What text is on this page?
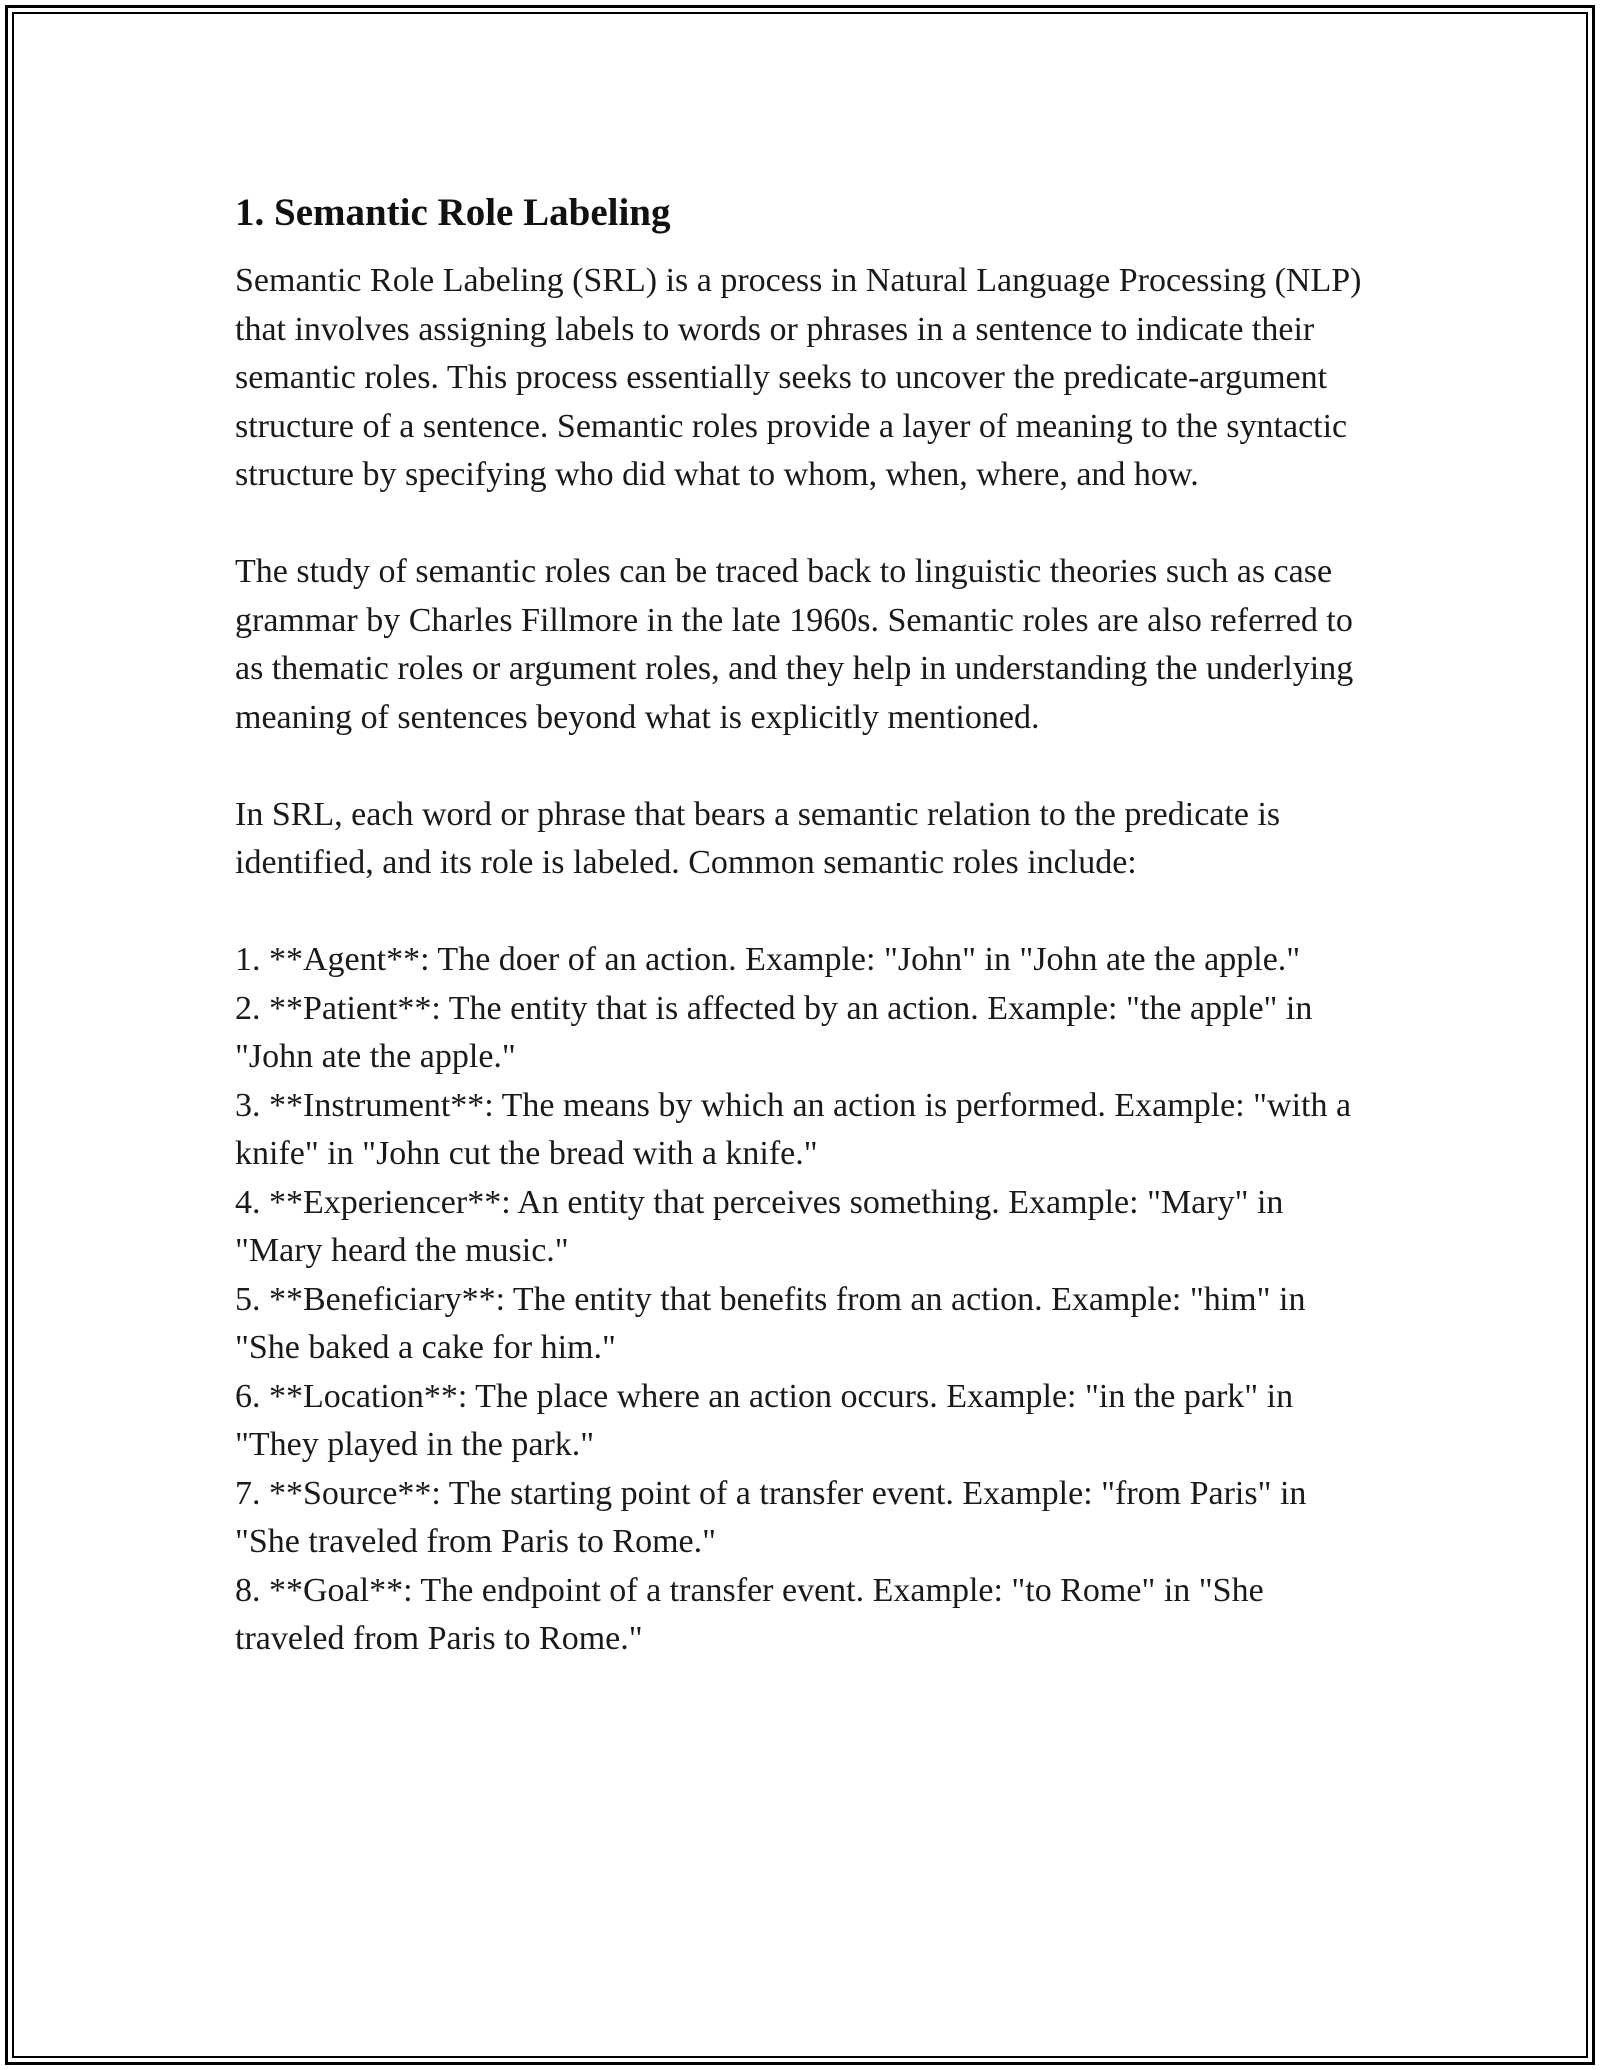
1. Semantic Role Labeling

Semantic Role Labeling (SRL) is a process in Natural Language Processing (NLP) that involves assigning labels to words or phrases in a sentence to indicate their semantic roles. This process essentially seeks to uncover the predicate-argument structure of a sentence. Semantic roles provide a layer of meaning to the syntactic structure by specifying who did what to whom, when, where, and how.

The study of semantic roles can be traced back to linguistic theories such as case grammar by Charles Fillmore in the late 1960s. Semantic roles are also referred to as thematic roles or argument roles, and they help in understanding the underlying meaning of sentences beyond what is explicitly mentioned.

In SRL, each word or phrase that bears a semantic relation to the predicate is identified, and its role is labeled. Common semantic roles include:

1. **Agent**: The doer of an action. Example: "John" in "John ate the apple."
2. **Patient**: The entity that is affected by an action. Example: "the apple" in "John ate the apple."
3. **Instrument**: The means by which an action is performed. Example: "with a knife" in "John cut the bread with a knife."
4. **Experiencer**: An entity that perceives something. Example: "Mary" in "Mary heard the music."
5. **Beneficiary**: The entity that benefits from an action. Example: "him" in "She baked a cake for him."
6. **Location**: The place where an action occurs. Example: "in the park" in "They played in the park."
7. **Source**: The starting point of a transfer event. Example: "from Paris" in "She traveled from Paris to Rome."
8. **Goal**: The endpoint of a transfer event. Example: "to Rome" in "She traveled from Paris to Rome."
